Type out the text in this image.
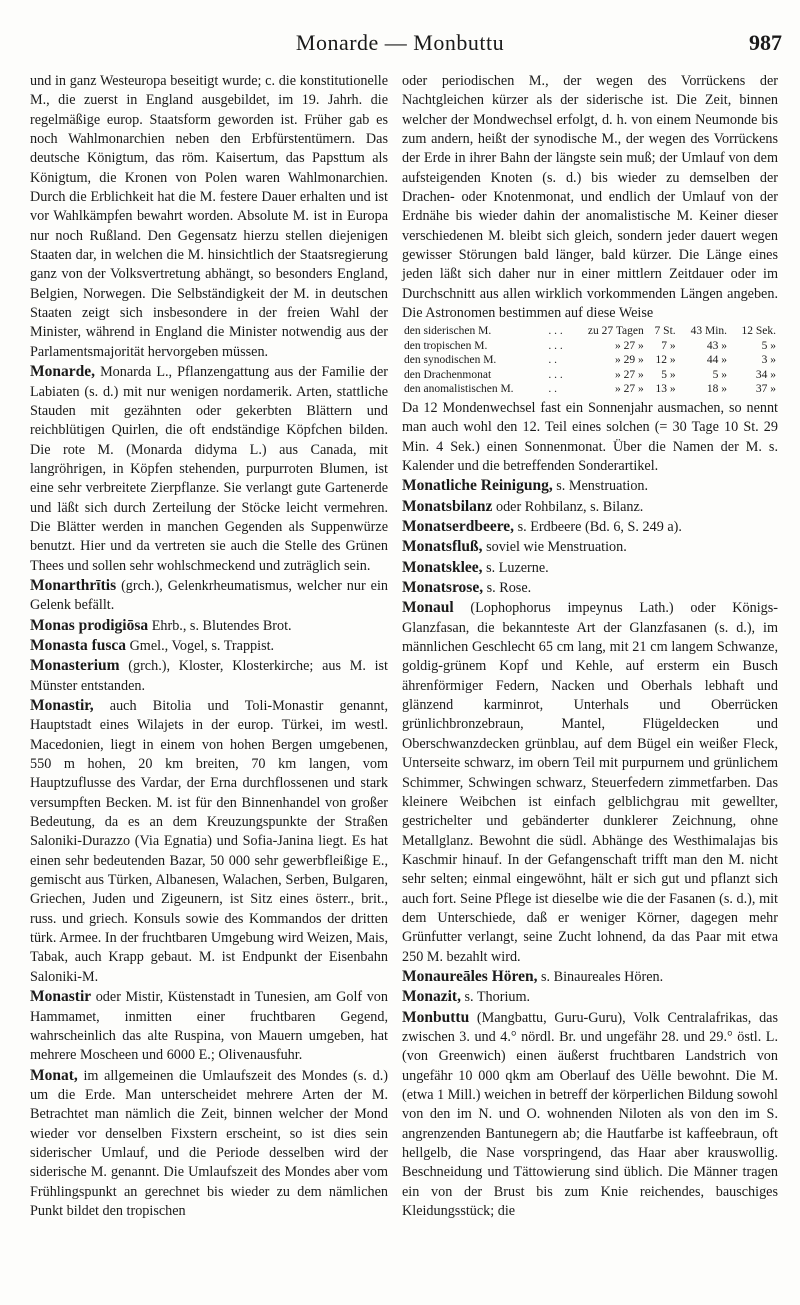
Monarde — Monbuttu	987

und in ganz Westeuropa beseitigt wurde; c. die konstitutionelle M., die zuerst in England ausgebildet, im 19. Jahrh. die regelmäßige europ. Staatsform geworden ist. Früher gab es noch Wahlmonarchien neben den Erbfürstentümern. Das deutsche Königtum, das röm. Kaisertum, das Papsttum als Königtum, die Kronen von Polen waren Wahlmonarchien. Durch die Erblichkeit hat die M. festere Dauer erhalten und ist vor Wahlkämpfen bewahrt worden. Absolute M. ist in Europa nur noch Rußland. Den Gegensatz hierzu stellen diejenigen Staaten dar, in welchen die M. hinsichtlich der Staatsregierung ganz von der Volksvertretung abhängt, so besonders England, Belgien, Norwegen. Die Selbständigkeit der M. in deutschen Staaten zeigt sich insbesondere in der freien Wahl der Minister, während in England die Minister notwendig aus der Parlamentsmajorität hervorgeben müssen.

Monarde, Monarda L., Pflanzengattung aus der Familie der Labiaten (s. d.) mit nur wenigen nordamerik. Arten, stattliche Stauden mit gezähnten oder gekerbten Blättern und reichblütigen Quirlen, die oft endständige Köpfchen bilden. Die rote M. (Monarda didyma L.) aus Canada, mit langröhrigen, in Köpfen stehenden, purpurroten Blumen, ist eine sehr verbreitete Zierpflanze. Sie verlangt gute Gartenerde und läßt sich durch Zerteilung der Stöcke leicht vermehren. Die Blätter werden in manchen Gegenden als Suppenwürze benutzt. Hier und da vertreten sie auch die Stelle des Grünen Thees und sollen sehr wohlschmeckend und zuträglich sein.

Monarthrītis (grch.), Gelenkrheumatismus, welcher nur ein Gelenk befällt.

Monas prodigiōsa Ehrb., s. Blutendes Brot.

Monasta fusca Gmel., Vogel, s. Trappist.

Monasterium (grch.), Kloster, Klosterkirche; aus M. ist Münster entstanden.

Monastir, auch Bitolia und Toli-Monastir genannt, Hauptstadt eines Wilajets in der europ. Türkei, im westl. Macedonien, liegt in einem von hohen Bergen umgebenen, 550 m hohen, 20 km breiten, 70 km langen, vom Hauptzuflusse des Vardar, der Erna durchflossenen und stark versumpften Becken. M. ist für den Binnenhandel von großer Bedeutung, da es an dem Kreuzungspunkte der Straßen Saloniki-Durazzo (Via Egnatia) und Sofia-Janina liegt. Es hat einen sehr bedeutenden Bazar, 50 000 sehr gewerbfleißige E., gemischt aus Türken, Albanesen, Walachen, Serben, Bulgaren, Griechen, Juden und Zigeunern, ist Sitz eines österr., brit., russ. und griech. Konsuls sowie des Kommandos der dritten türk. Armee. In der fruchtbaren Umgebung wird Weizen, Mais, Tabak, auch Krapp gebaut. M. ist Endpunkt der Eisenbahn Saloniki-M.

Monastir oder Mistir, Küstenstadt in Tunesien, am Golf von Hammamet, inmitten einer fruchtbaren Gegend, wahrscheinlich das alte Ruspina, von Mauern umgeben, hat mehrere Moscheen und 6000 E.; Olivenausfuhr.

Monat, im allgemeinen die Umlaufszeit des Mondes (s. d.) um die Erde. Man unterscheidet mehrere Arten der M. Betrachtet man nämlich die Zeit, binnen welcher der Mond wieder vor denselben Fixstern erscheint, so ist dies sein siderischer Umlauf, und die Periode desselben wird der siderische M. genannt. Die Umlaufszeit des Mondes aber vom Frühlingspunkt an gerechnet bis wieder zu dem nämlichen Punkt bildet den tropischen

oder periodischen M., der wegen des Vorrückens der Nachtgleichen kürzer als der siderische ist. Die Zeit, binnen welcher der Mondwechsel erfolgt, d. h. von einem Neumonde bis zum andern, heißt der synodische M., der wegen des Vorrückens der Erde in ihrer Bahn der längste sein muß; der Umlauf von dem aufsteigenden Knoten (s. d.) bis wieder zu demselben der Drachen- oder Knotenmonat, und endlich der Umlauf von der Erdnähe bis wieder dahin der anomalistische M. Keiner dieser verschiedenen M. bleibt sich gleich, sondern jeder dauert wegen gewisser Störungen bald länger, bald kürzer. Die Länge eines jeden läßt sich daher nur in einer mittlern Zeitdauer oder im Durchschnitt aus allen wirklich vorkommenden Längen angeben. Die Astronomen bestimmen auf diese Weise

den siderischen M.	. . .	zu 27 Tagen	7 St.	43 Min.	12 Sek.
den tropischen M.	. . .	» 27 »	7 »	43 »	5 »
den synodischen M.	. .	» 29 »	12 »	44 »	3 »
den Drachenmonat	. . .	» 27 »	5 »	5 »	34 »
den anomalistischen M.	. .	» 27 »	13 »	18 »	37 »

Da 12 Mondenwechsel fast ein Sonnenjahr ausmachen, so nennt man auch wohl den 12. Teil eines solchen (= 30 Tage 10 St. 29 Min. 4 Sek.) einen Sonnenmonat. Über die Namen der M. s. Kalender und die betreffenden Sonderartikel.

Monatliche Reinigung, s. Menstruation.

Monatsbilanz oder Rohbilanz, s. Bilanz.

Monatserdbeere, s. Erdbeere (Bd. 6, S. 249 a).

Monatsfluß, soviel wie Menstruation.

Monatsklee, s. Luzerne.

Monatsrose, s. Rose.

Monaul (Lophophorus impeynus Lath.) oder Königs-Glanzfasan, die bekannteste Art der Glanzfasanen (s. d.), im männlichen Geschlecht 65 cm lang, mit 21 cm langem Schwanze, goldig-grünem Kopf und Kehle, auf ersterm ein Busch ährenförmiger Federn, Nacken und Oberhals lebhaft und glänzend karminrot, Unterhals und Oberrücken grünlichbronzebraun, Mantel, Flügeldecken und Oberschwanzdecken grünblau, auf dem Bügel ein weißer Fleck, Unterseite schwarz, im obern Teil mit purpurnem und grünlichem Schimmer, Schwingen schwarz, Steuerfedern zimmetfarben. Das kleinere Weibchen ist einfach gelblichgrau mit gewellter, gestrichelter und gebänderter dunklerer Zeichnung, ohne Metallglanz. Bewohnt die südl. Abhänge des Westhimalajas bis Kaschmir hinauf. In der Gefangenschaft trifft man den M. nicht sehr selten; einmal eingewöhnt, hält er sich gut und pflanzt sich auch fort. Seine Pflege ist dieselbe wie die der Fasanen (s. d.), mit dem Unterschiede, daß er weniger Körner, dagegen mehr Grünfutter verlangt, seine Zucht lohnend, da das Paar mit etwa 250 M. bezahlt wird.

Monaureāles Hören, s. Binaureales Hören.

Monazit, s. Thorium.

Monbuttu (Mangbattu, Guru-Guru), Volk Centralafrikas, das zwischen 3. und 4.° nördl. Br. und ungefähr 28. und 29.° östl. L. (von Greenwich) einen äußerst fruchtbaren Landstrich von ungefähr 10 000 qkm am Oberlauf des Uëlle bewohnt. Die M. (etwa 1 Mill.) weichen in betreff der körperlichen Bildung sowohl von den im N. und O. wohnenden Niloten als von den im S. angrenzenden Bantunegern ab; die Hautfarbe ist kaffeebraun, oft hellgelb, die Nase vorspringend, das Haar aber krauswollig. Beschneidung und Tättowierung sind üblich. Die Männer tragen ein von der Brust bis zum Knie reichendes, bauschiges Kleidungsstück; die
